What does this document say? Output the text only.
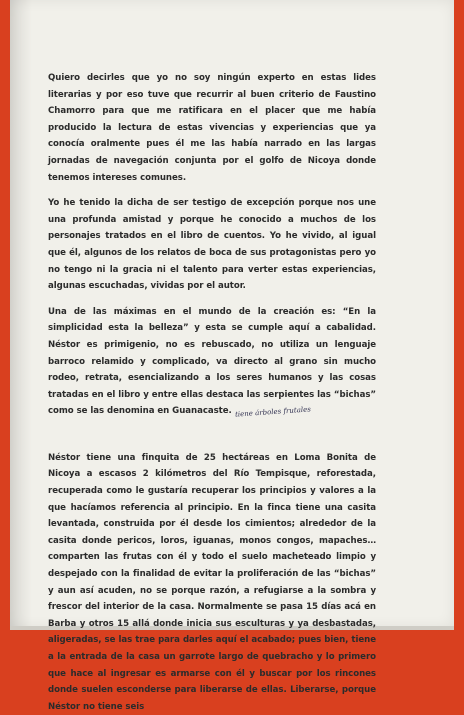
Quiero decirles que yo no soy ningún experto en estas lides literarias y por eso tuve que recurrir al buen criterio de Faustino Chamorro para que me ratificara en el placer que me había producido la lectura de estas vivencias y experiencias que ya conocía oralmente pues él me las había narrado en las largas jornadas de navegación conjunta por el golfo de Nicoya donde tenemos intereses comunes.

Yo he tenido la dicha de ser testigo de excepción porque nos une una profunda amistad y porque he conocido a muchos de los personajes tratados en el libro de cuentos. Yo he vivido, al igual que él, algunos de los relatos de boca de sus protagonistas pero yo no tengo ni la gracia ni el talento para verter estas experiencias, algunas escuchadas, vividas por el autor.

Una de las máximas en el mundo de la creación es: “En la simplicidad esta la belleza” y esta se cumple aquí a cabalidad. Néstor es primigenio, no es rebuscado, no utiliza un lenguaje barroco relamido y complicado, va directo al grano sin mucho rodeo, retrata, esencializando a los seres humanos y las cosas tratadas en el libro y entre ellas destaca las serpientes las “bichas” como se las denomina en Guanacaste.

Néstor tiene una finquita de 25 hectáreas en Loma Bonita de Nicoya a escasos 2 kilómetros del Río Tempisque, reforestada, recuperada como le gustaría recuperar los principios y valores a la que hacíamos referencia al principio. En la finca tiene una casita levantada, construida por él desde los cimientos; alrededor de la casita donde pericos, loros, iguanas, monos congos, mapaches…comparten las frutas con él y todo el suelo macheteado limpio y despejado con la finalidad de evitar la proliferación de las “bichas” y aun así acuden, no se porque razón, a refugiarse a la sombra y frescor del interior de la casa. Normalmente se pasa 15 días acá en Barba y otros 15 allá donde inicia sus esculturas y ya desbastadas, aligeradas, se las trae para darles aquí el acabado; pues bien, tiene a la entrada de la casa un garrote largo de quebracho y lo primero que hace al ingresar es armarse con él y buscar por los rincones donde suelen esconderse para liberarse de ellas. Liberarse, porque Néstor no tiene seis

tiene árboles frutales
